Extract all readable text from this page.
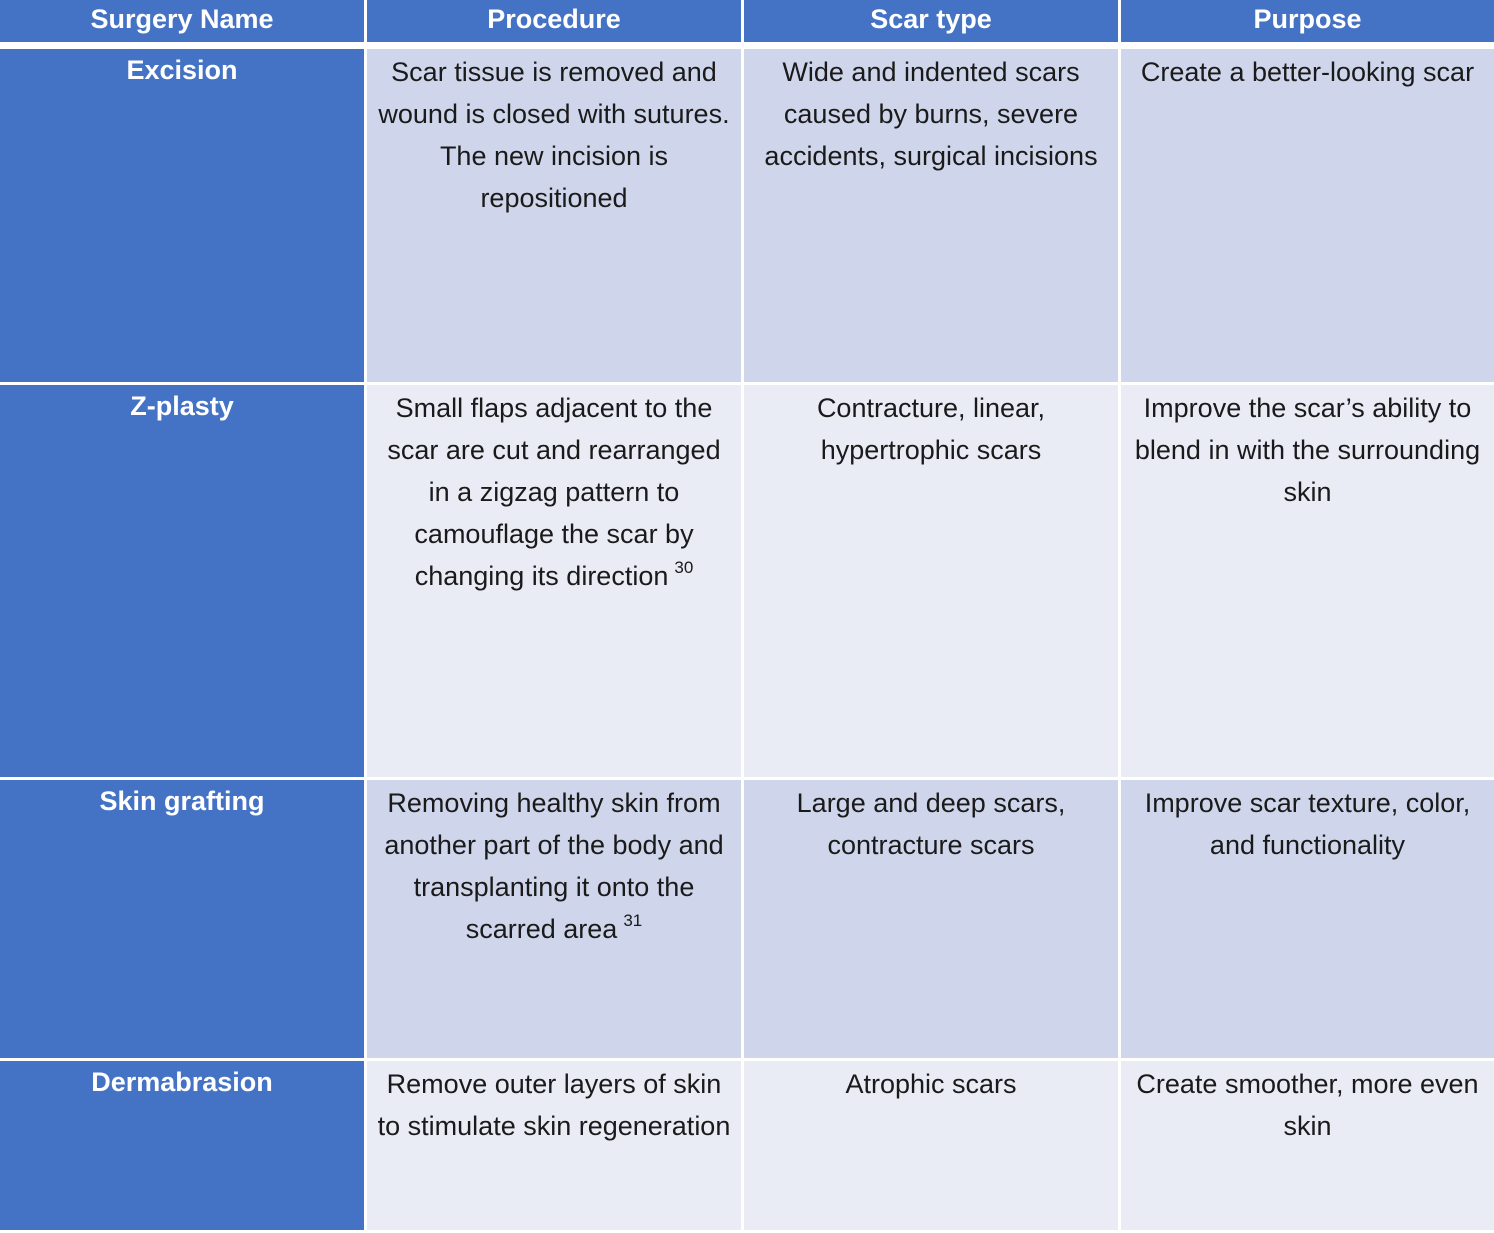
Surgery Name	Procedure	Scar type	Purpose
Excision	Scar tissue is removed and wound is closed with sutures. The new incision is repositioned	Wide and indented scars caused by burns, severe accidents, surgical incisions	Create a better-looking scar
Z-plasty	Small flaps adjacent to the scar are cut and rearranged in a zigzag pattern to camouflage the scar by changing its direction $^{30}$	Contracture, linear, hypertrophic scars	Improve the scar’s ability to blend in with the surrounding skin
Skin grafting	Removing healthy skin from another part of the body and transplanting it onto the scarred area $^{31}$	Large and deep scars, contracture scars	Improve scar texture, color, and functionality
Dermabrasion	Remove outer layers of skin to stimulate skin regeneration	Atrophic scars	Create smoother, more even skin
